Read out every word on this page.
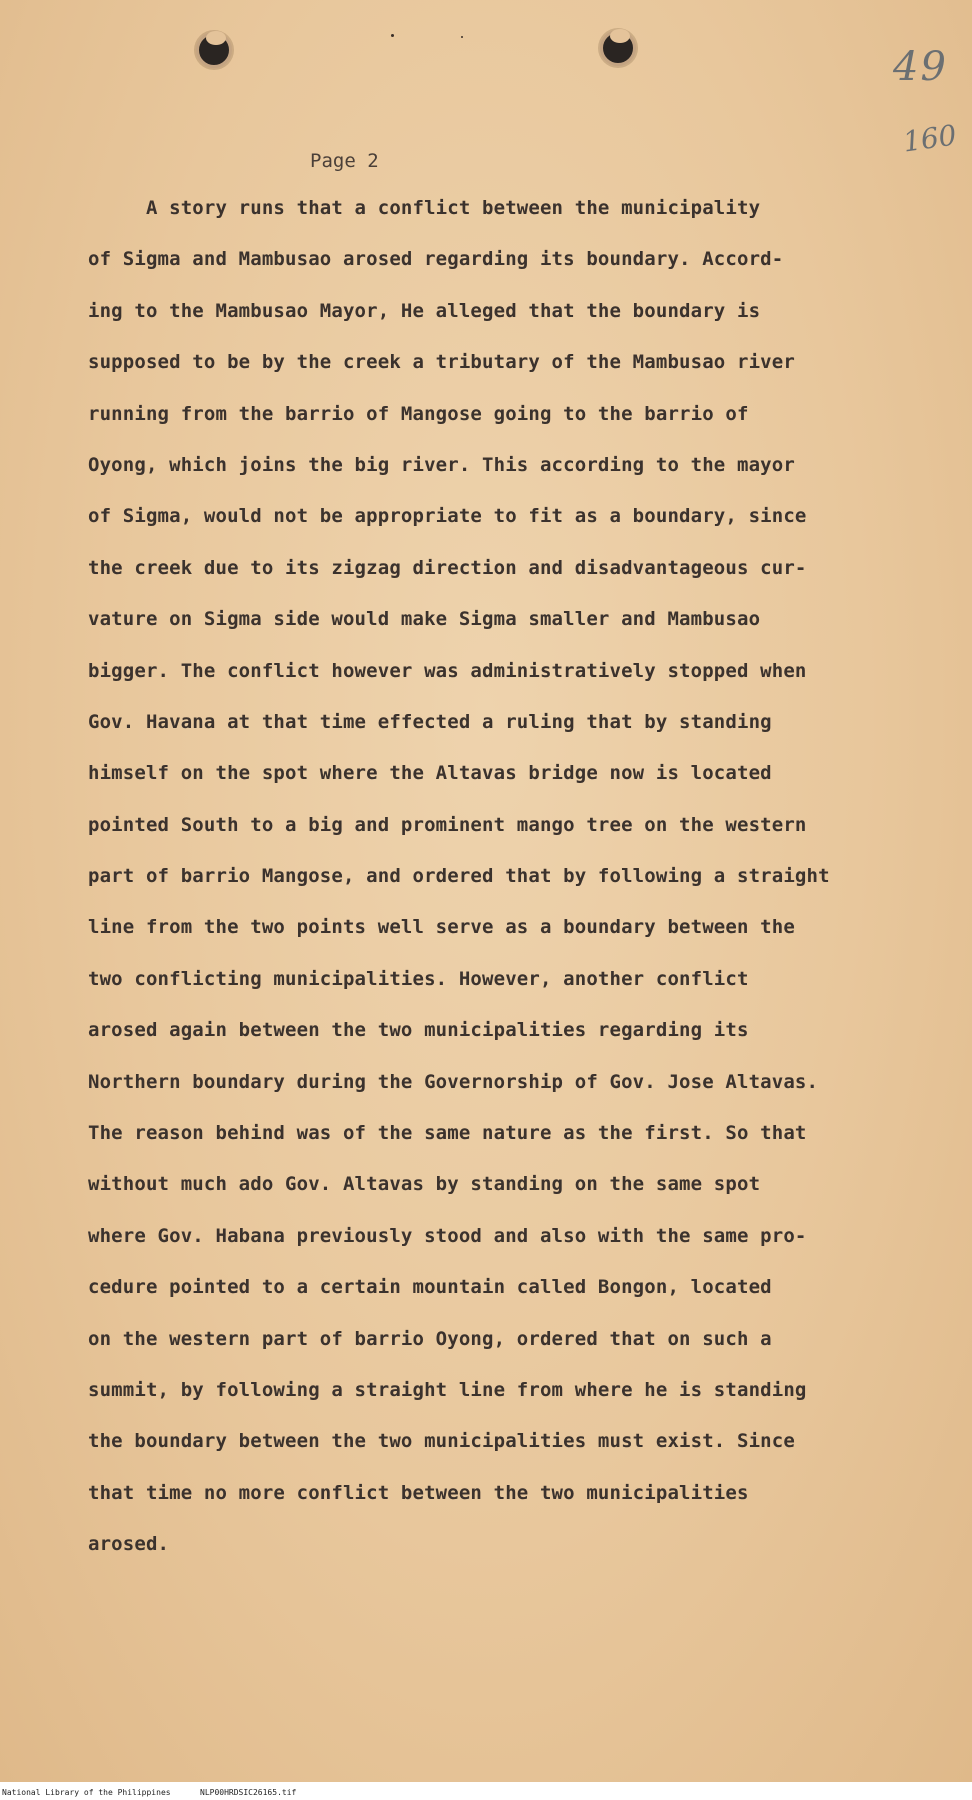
49
160
Page 2
A story runs that a conflict between the municipality
of Sigma and Mambusao arosed regarding its boundary. Accord-
ing to the Mambusao Mayor, He alleged that the boundary is
supposed to be by the creek a tributary of the Mambusao river
running from the barrio of Mangose going to the barrio of
Oyong, which joins the big river. This according to the mayor
of Sigma, would not be appropriate to fit as a boundary, since
the creek due to its zigzag direction and disadvantageous cur-
vature on Sigma side would make Sigma smaller and Mambusao
bigger. The conflict however was administratively stopped when
Gov. Havana at that time effected a ruling that by standing
himself on the spot where the Altavas bridge now is located
pointed South to a big and prominent mango tree on the western
part of barrio Mangose, and ordered that by following a straight
line from the two points well serve as a boundary between the
two conflicting municipalities. However, another conflict
arosed again between the two municipalities regarding its
Northern boundary during the Governorship of Gov. Jose Altavas.
The reason behind was of the same nature as the first. So that
without much ado Gov. Altavas by standing on the same spot
where Gov. Habana previously stood and also with the same pro-
cedure pointed to a certain mountain called Bongon, located
on the western part of barrio Oyong, ordered that on such a
summit, by following a straight line from where he is standing
the boundary between the two municipalities must exist. Since
that time no more conflict between the two municipalities
arosed.
National Library of the Philippines	NLP00HRDSIC26165.tif
